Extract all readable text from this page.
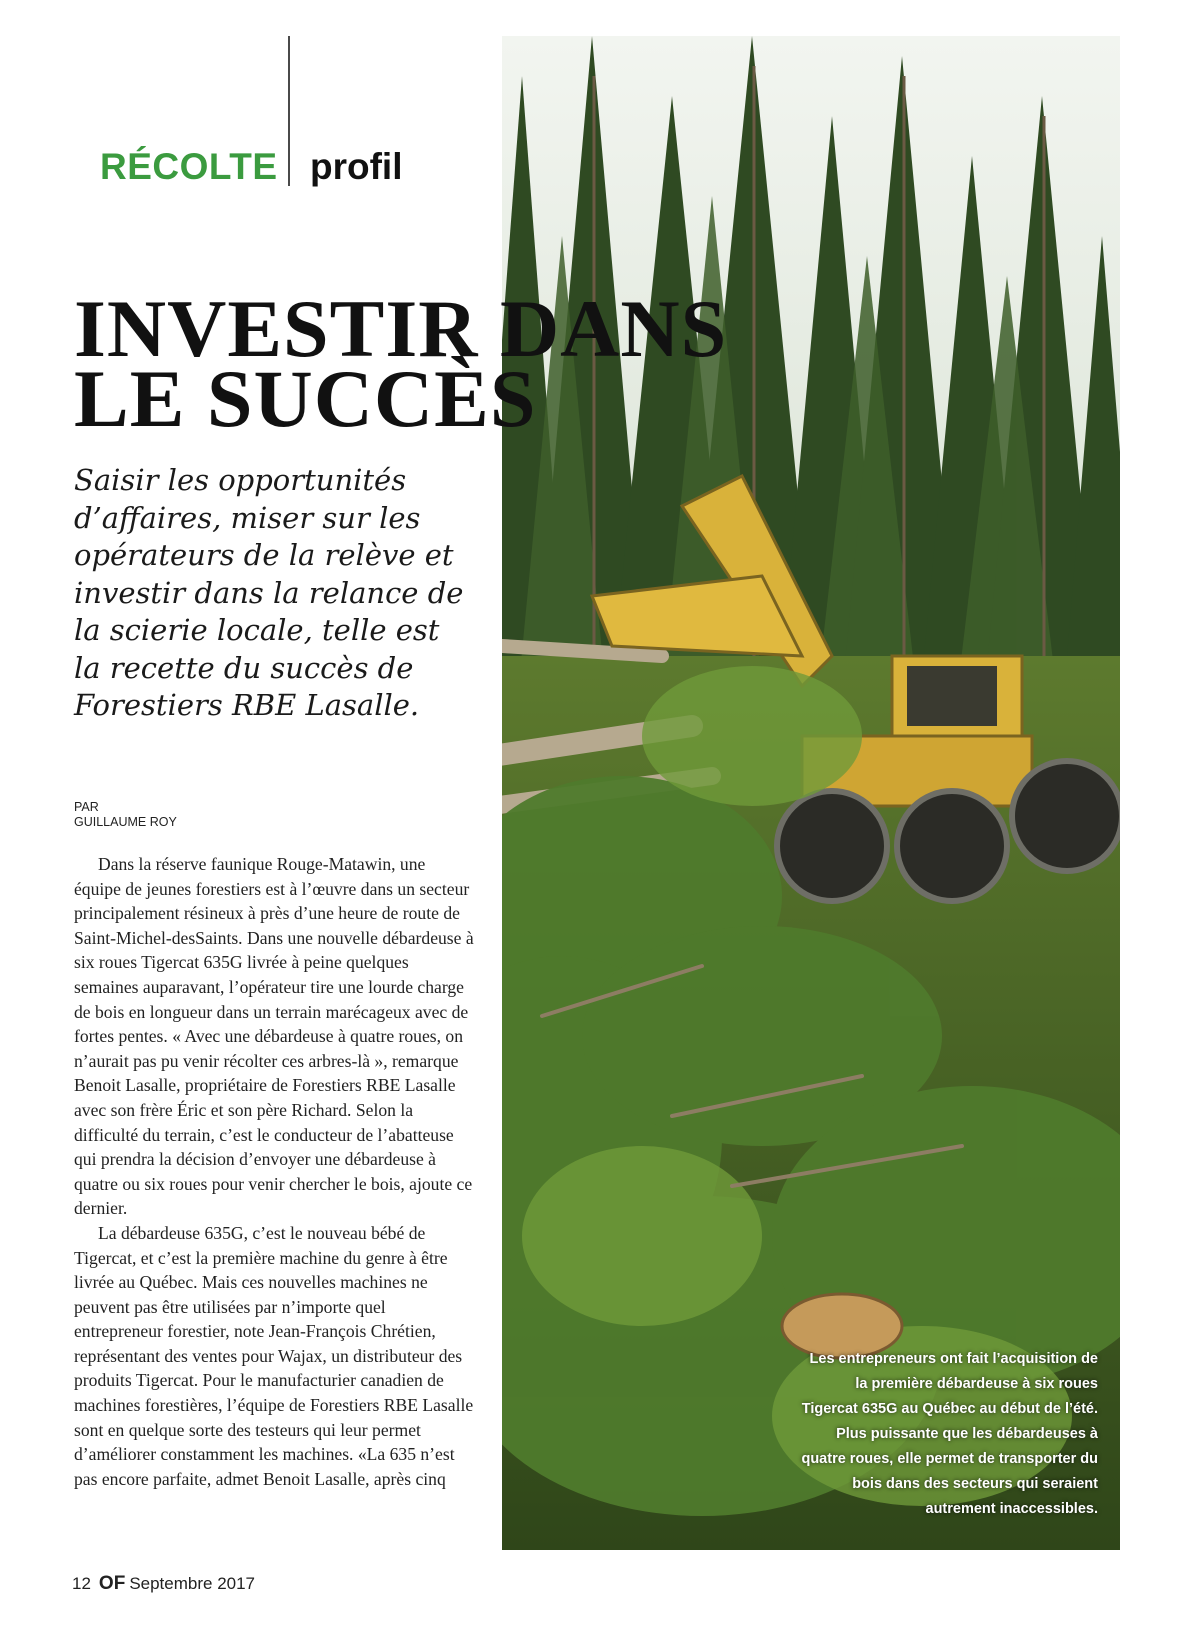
RÉCOLTE profil
Les entrepreneurs ont fait l’acquisition de la première débardeuse à six roues Tigercat 635G au Québec au début de l’été. Plus puissante que les débardeuses à quatre roues, elle permet de transporter du bois dans des secteurs qui seraient autrement inaccessibles.
INVESTIR DANS
LE SUCCÈS

Saisir les opportunités d’affaires, miser sur les opérateurs de la relève et investir dans la relance de la scierie locale, telle est la recette du succès de Forestiers RBE Lasalle.

PAR
GUILLAUME ROY

Dans la réserve faunique Rouge-Matawin, une équipe de jeunes forestiers est à l’œuvre dans un secteur principalement résineux à près d’une heure de route de Saint-Michel-desSaints. Dans une nouvelle débardeuse à six roues Tigercat 635G livrée à peine quelques semaines auparavant, l’opérateur tire une lourde charge de bois en longueur dans un terrain marécageux avec de fortes pentes. « Avec une débardeuse à quatre roues, on n’aurait pas pu venir récolter ces arbres-là », remarque Benoit Lasalle, propriétaire de Forestiers RBE Lasalle avec son frère Éric et son père Richard. Selon la difficulté du terrain, c’est le conducteur de l’abatteuse qui prendra la décision d’envoyer une débardeuse à quatre ou six roues pour venir chercher le bois, ajoute ce dernier.

La débardeuse 635G, c’est le nouveau bébé de Tigercat, et c’est la première machine du genre à être livrée au Québec. Mais ces nouvelles machines ne peuvent pas être utilisées par n’importe quel entrepreneur forestier, note Jean-François Chrétien, représentant des ventes pour Wajax, un distributeur des produits Tigercat. Pour le manufacturier canadien de machines forestières, l’équipe de Forestiers RBE Lasalle sont en quelque sorte des testeurs qui leur permet d’améliorer constamment les machines. «La 635 n’est pas encore parfaite, admet Benoit Lasalle, après cinq

12 OF Septembre 2017
